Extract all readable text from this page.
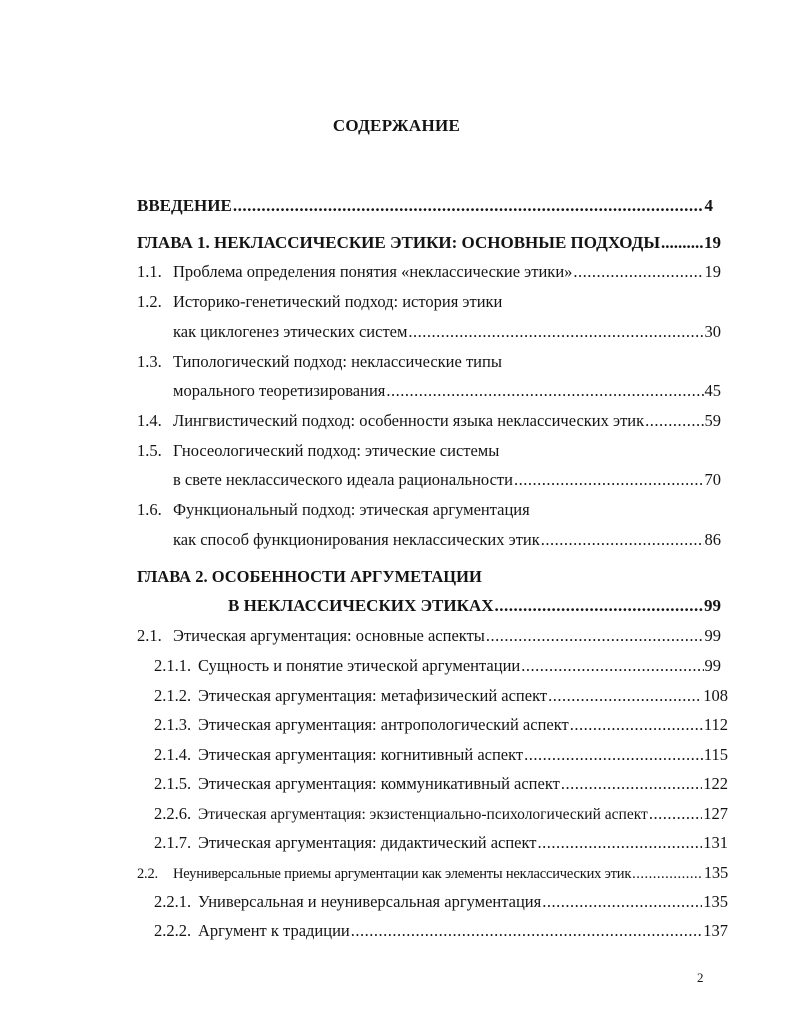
СОДЕРЖАНИЕ
ВВЕДЕНИЕ .....	4
ГЛАВА 1. НЕКЛАССИЧЕСКИЕ ЭТИКИ: ОСНОВНЫЕ ПОДХОДЫ .....	19
1.1. Проблема определения понятия «неклассические этики» .....	19
1.2. Историко-генетический подход: история этики
как циклогенез этических систем .....	30
1.3. Типологический подход: неклассические типы
морального теоретизирования .....	45
1.4. Лингвистический подход: особенности языка неклассических этик .....	59
1.5. Гносеологический подход: этические системы
в свете неклассического идеала рациональности .....	70
1.6. Функциональный подход: этическая аргументация
как способ функционирования неклассических этик .....	86
ГЛАВА 2. ОСОБЕННОСТИ АРГУМЕТАЦИИ
В НЕКЛАССИЧЕСКИХ ЭТИКАХ .....	99
2.1. Этическая аргументация: основные аспекты .....	99
2.1.1. Сущность и понятие этической аргументации .....	99
2.1.2. Этическая аргументация: метафизический аспект .....	108
2.1.3. Этическая аргументация: антропологический аспект .....	112
2.1.4. Этическая аргументация: когнитивный аспект .....	115
2.1.5. Этическая аргументация: коммуникативный аспект .....	122
2.2.6. Этическая аргументация: экзистенциально-психологический аспект .....	127
2.1.7. Этическая аргументация: дидактический аспект .....	131
2.2. Неуниверсальные приемы аргументации как элементы неклассических этик .....	135
2.2.1. Универсальная и неуниверсальная аргументация .....	135
2.2.2. Аргумент к традиции .....	137
2
